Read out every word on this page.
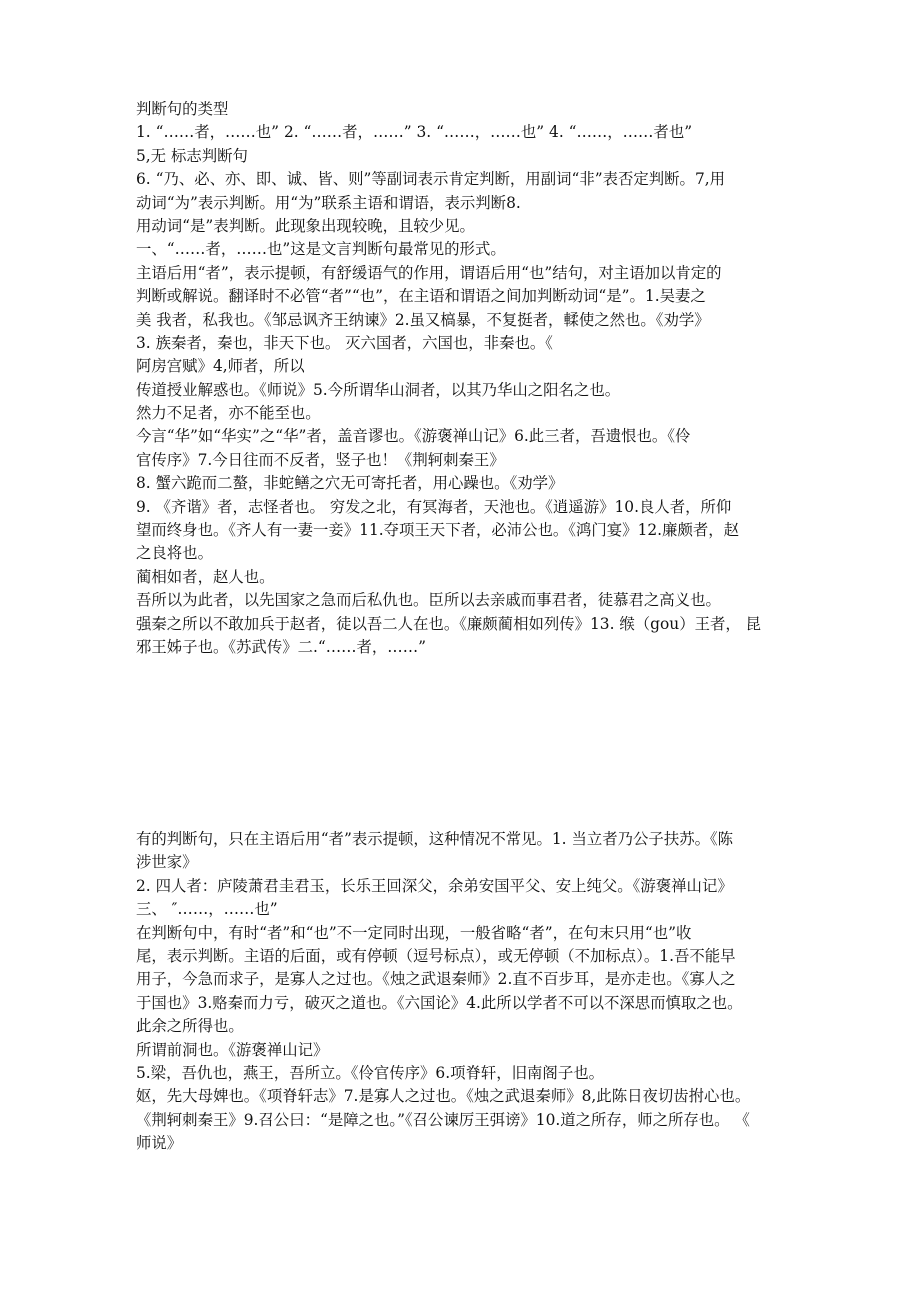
判断句的类型
1. “……者，……也” 2. “……者，……” 3. “……，……也” 4. “……，……者也”
5,无 标志判断句
6. “乃、必、亦、即、诚、皆、则”等副词表示肯定判断，用副词“非”表否定判断。7,用
动词“为”表示判断。用“为”联系主语和谓语，表示判断8.
用动词“是”表判断。此现象出现较晚，且较少见。
一、“……者，……也”这是文言判断句最常见的形式。
主语后用“者”，表示提顿，有舒缓语气的作用，谓语后用“也”结句，对主语加以肯定的
判断或解说。翻译时不必管“者”“也”，在主语和谓语之间加判断动词“是”。1.吴妻之
美 我者，私我也。《邹忌讽齐王纳谏》2.虽又槁暴，不复挺者，輮使之然也。《劝学》
3. 族秦者，秦也，非天下也。 灭六国者，六国也，非秦也。《
阿房宫赋》4,师者，所以
传道授业解惑也。《师说》5.今所谓华山洞者，以其乃华山之阳名之也。
然力不足者，亦不能至也。
今言“华”如“华实”之“华”者，盖音谬也。《游褒禅山记》6.此三者，吾遗恨也。《伶
官传序》7.今日往而不反者，竖子也！《荆轲刺秦王》
8. 蟹六跪而二螯，非蛇鳝之穴无可寄托者，用心躁也。《劝学》
9. 《齐谐》者，志怪者也。 穷发之北，有冥海者，天池也。《逍遥游》10.良人者，所仰
望而终身也。《齐人有一妻一妾》11.夺项王天下者，必沛公也。《鸿门宴》12.廉颇者，赵
之良将也。
蔺相如者，赵人也。
吾所以为此者，以先国家之急而后私仇也。臣所以去亲戚而事君者，徒慕君之高义也。
强秦之所以不敢加兵于赵者，徒以吾二人在也。《廉颇蔺相如列传》13. 缑（gou）王者， 昆
邪王姊子也。《苏武传》二.“……者，……”
有的判断句，只在主语后用“者”表示提顿，这种情况不常见。1. 当立者乃公子扶苏。《陈
涉世家》
2. 四人者：庐陵萧君圭君玉，长乐王回深父，余弟安国平父、安上纯父。《游褒禅山记》
三、 ″……，……也”
在判断句中，有时“者”和“也”不一定同时出现，一般省略“者”，在句末只用“也”收
尾，表示判断。主语的后面，或有停顿（逗号标点），或无停顿（不加标点）。1.吾不能早
用子，今急而求子，是寡人之过也。《烛之武退秦师》2.直不百步耳，是亦走也。《寡人之
于国也》3.赂秦而力亏，破灭之道也。《六国论》4.此所以学者不可以不深思而慎取之也。
此余之所得也。
所谓前洞也。《游褒禅山记》
5.梁，吾仇也，燕王，吾所立。《伶官传序》6.项脊轩，旧南阁子也。
妪，先大母婢也。《项脊轩志》7.是寡人之过也。《烛之武退秦师》8,此陈日夜切齿拊心也。
《荆轲刺秦王》9.召公曰：“是障之也。”《召公谏厉王弭谤》10.道之所存，师之所存也。 《
师说》
